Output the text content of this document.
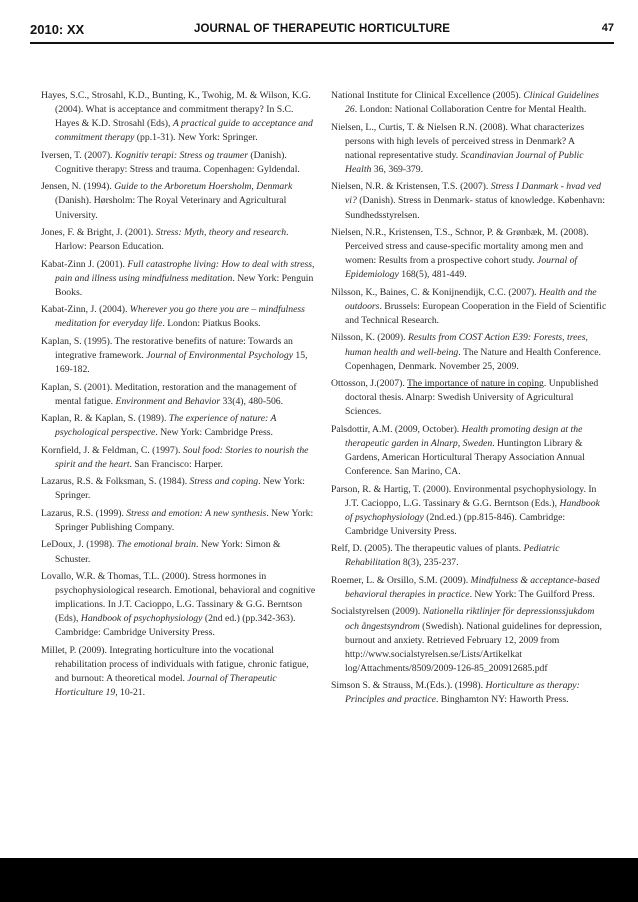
2010: XX	JOURNAL OF THERAPEUTIC HORTICULTURE	47

Hayes, S.C., Strosahl, K.D., Bunting, K., Twohig, M. & Wilson, K.G. (2004). What is acceptance and commitment therapy? In S.C. Hayes & K.D. Strosahl (Eds), A practical guide to acceptance and commitment therapy (pp.1-31). New York: Springer.

Iversen, T. (2007). Kognitiv terapi: Stress og traumer (Danish). Cognitive therapy: Stress and trauma. Copenhagen: Gyldendal.

Jensen, N. (1994). Guide to the Arboretum Hoersholm, Denmark (Danish). Hørsholm: The Royal Veterinary and Agricultural University.

Jones, F. & Bright, J. (2001). Stress: Myth, theory and research. Harlow: Pearson Education.

Kabat-Zinn J. (2001). Full catastrophe living: How to deal with stress, pain and illness using mindfulness meditation. New York: Penguin Books.

Kabat-Zinn, J. (2004). Wherever you go there you are – mindfulness meditation for everyday life. London: Piatkus Books.

Kaplan, S. (1995). The restorative benefits of nature: Towards an integrative framework. Journal of Environmental Psychology 15, 169-182.

Kaplan, S. (2001). Meditation, restoration and the management of mental fatigue. Environment and Behavior 33(4), 480-506.

Kaplan, R. & Kaplan, S. (1989). The experience of nature: A psychological perspective. New York: Cambridge Press.

Kornfield, J. & Feldman, C. (1997). Soul food: Stories to nourish the spirit and the heart. San Francisco: Harper.

Lazarus, R.S. & Folksman, S. (1984). Stress and coping. New York: Springer.

Lazarus, R.S. (1999). Stress and emotion: A new synthesis. New York: Springer Publishing Company.

LeDoux, J. (1998). The emotional brain. New York: Simon & Schuster.

Lovallo, W.R. & Thomas, T.L. (2000). Stress hormones in psychophysiological research. Emotional, behavioral and cognitive implications. In J.T. Cacioppo, L.G. Tassinary & G.G. Berntson (Eds), Handbook of psychophysiology (2nd ed.) (pp.342-363). Cambridge: Cambridge University Press.

Millet, P. (2009). Integrating horticulture into the vocational rehabilitation process of individuals with fatigue, chronic fatigue, and burnout: A theoretical model. Journal of Therapeutic Horticulture 19, 10-21.

National Institute for Clinical Excellence (2005). Clinical Guidelines 26. London: National Collaboration Centre for Mental Health.

Nielsen, L., Curtis, T. & Nielsen R.N. (2008). What characterizes persons with high levels of perceived stress in Denmark? A national representative study. Scandinavian Journal of Public Health 36, 369-379.

Nielsen, N.R. & Kristensen, T.S. (2007). Stress I Danmark - hvad ved vi? (Danish). Stress in Denmark- status of knowledge. København: Sundhedsstyrelsen.

Nielsen, N.R., Kristensen, T.S., Schnor, P. & Grønbæk, M. (2008). Perceived stress and cause-specific mortality among men and women: Results from a prospective cohort study. Journal of Epidemiology 168(5), 481-449.

Nilsson, K., Baines, C. & Konijnendijk, C.C. (2007). Health and the outdoors. Brussels: European Cooperation in the Field of Scientific and Technical Research.

Nilsson, K. (2009). Results from COST Action E39: Forests, trees, human health and well-being. The Nature and Health Conference. Copenhagen, Denmark. November 25, 2009.

Ottosson, J.(2007). The importance of nature in coping. Unpublished doctoral thesis. Alnarp: Swedish University of Agricultural Sciences.

Palsdottir, A.M. (2009, October). Health promoting design at the therapeutic garden in Alnarp, Sweden. Huntington Library & Gardens, American Horticultural Therapy Association Annual Conference. San Marino, CA.

Parson, R. & Hartig, T. (2000). Environmental psychophysiology. In J.T. Cacioppo, L.G. Tassinary & G.G. Berntson (Eds.), Handbook of psychophysiology (2nd.ed.) (pp.815-846). Cambridge: Cambridge University Press.

Relf, D. (2005). The therapeutic values of plants. Pediatric Rehabilitation 8(3), 235-237.

Roemer, L. & Orsillo, S.M. (2009). Mindfulness & acceptance-based behavioral therapies in practice. New York: The Guilford Press.

Socialstyrelsen (2009). Nationella riktlinjer för depressionssjukdom och ångestsyndrom (Swedish). National guidelines for depression, burnout and anxiety. Retrieved February 12, 2009 from http://www.socialstyrelsen.se/Lists/Artikelkat log/Attachments/8509/2009-126-85_200912685.pdf

Simson S. & Strauss, M.(Eds.). (1998). Horticulture as therapy: Principles and practice. Binghamton NY: Haworth Press.
